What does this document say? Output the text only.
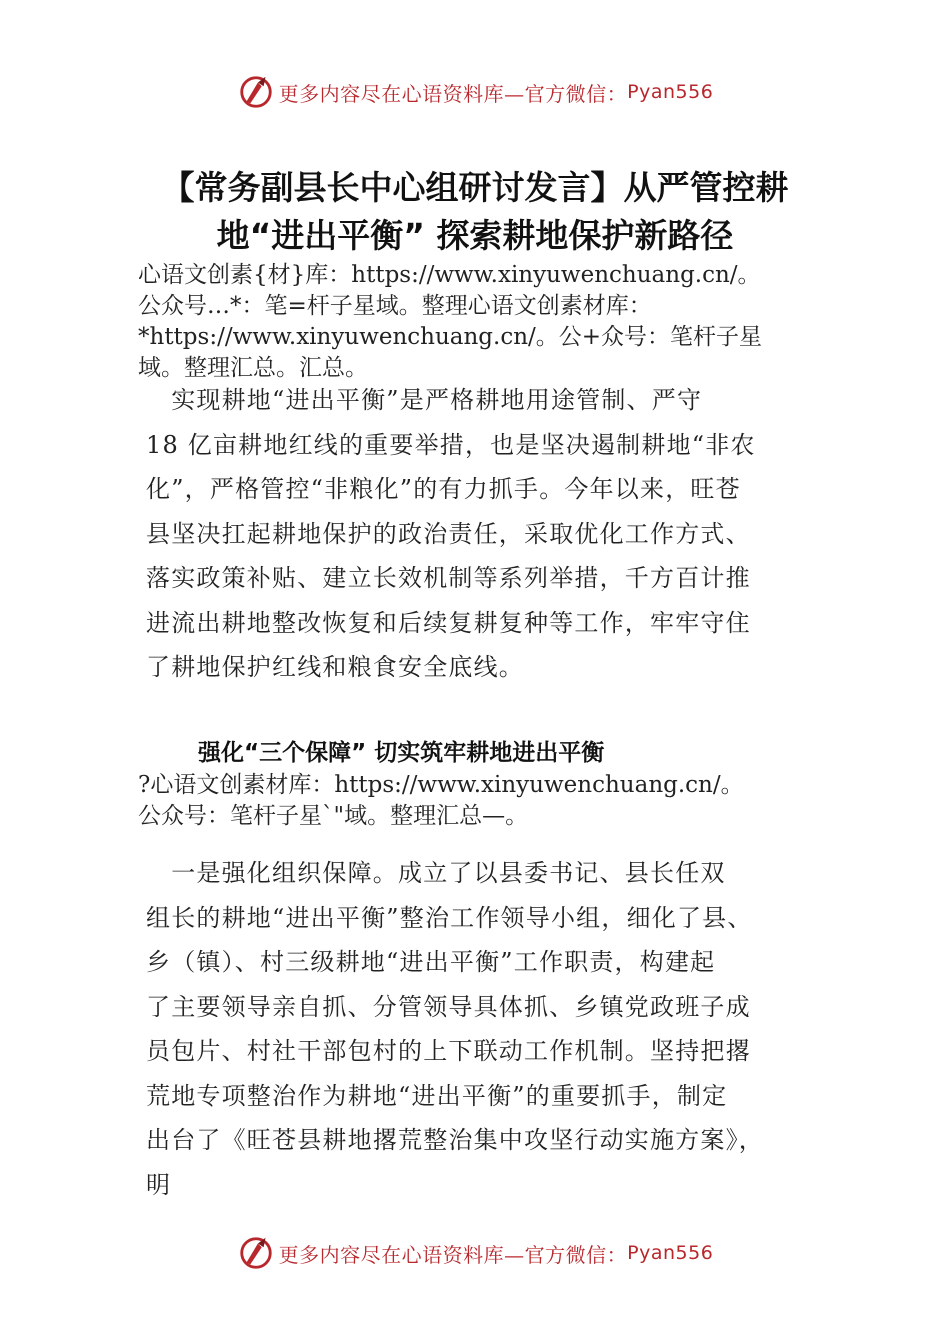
更多内容尽在心语资料库—官方微信： Pyan556
【常务副县长中心组研讨发言】从严管控耕
地“进出平衡” 探索耕地保护新路径
心语文创素{材}库：https://www.xinyuwenchuang.cn/。
公众号…*：笔=杆子星域。整理心语文创素材库：
*https://www.xinyuwenchuang.cn/。公+众号：笔杆子星
域。整理汇总。汇总。
　实现耕地“进出平衡”是严格耕地用途管制、严守
18 亿亩耕地红线的重要举措，也是坚决遏制耕地“非农
化”，严格管控“非粮化”的有力抓手。今年以来，旺苍
县坚决扛起耕地保护的政治责任，采取优化工作方式、
落实政策补贴、建立长效机制等系列举措，千方百计推
进流出耕地整改恢复和后续复耕复种等工作，牢牢守住
了耕地保护红线和粮食安全底线。
强化“三个保障” 切实筑牢耕地进出平衡
?心语文创素材库：https://www.xinyuwenchuang.cn/。
公众号：笔杆子星`"域。整理汇总—。
　一是强化组织保障。成立了以县委书记、县长任双
组长的耕地“进出平衡”整治工作领导小组，细化了县、
乡（镇）、村三级耕地“进出平衡”工作职责，构建起
了主要领导亲自抓、分管领导具体抓、乡镇党政班子成
员包片、村社干部包村的上下联动工作机制。坚持把撂
荒地专项整治作为耕地“进出平衡”的重要抓手，制定
出台了《旺苍县耕地撂荒整治集中攻坚行动实施方案》，
明
更多内容尽在心语资料库—官方微信： Pyan556
